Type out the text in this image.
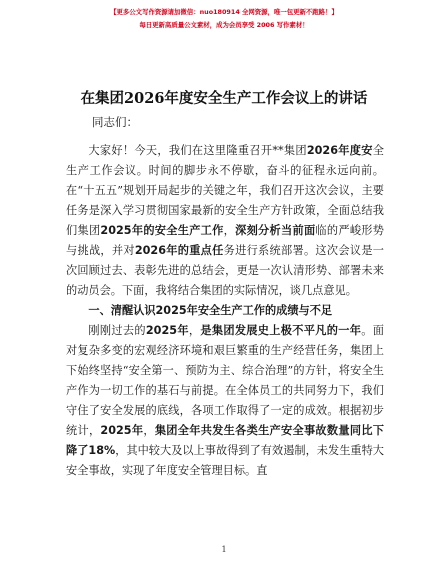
【更多公文写作资源请加微信：nuo180914 全网资源，唯一包更新不跑路！】
每日更新高质量公文素材，成为会员享受 2006 写作素材！
在集团2026年度安全生产工作会议上的讲话
同志们：

大家好！今天，我们在这里隆重召开**集团2026年度安全生产工作会议。时间的脚步永不停歇，奋斗的征程永远向前。在“十五五”规划开局起步的关键之年，我们召开这次会议，主要任务是深入学习贯彻国家最新的安全生产方针政策，全面总结我们集团2025年的安全生产工作，深刻分析当前面临的严峻形势与挑战，并对2026年的重点任务进行系统部署。这次会议是一次回顾过去、表彰先进的总结会，更是一次认清形势、部署未来的动员会。下面，我将结合集团的实际情况，谈几点意见。

一、清醒认识2025年安全生产工作的成绩与不足

刚刚过去的2025年，是集团发展史上极不平凡的一年。面对复杂多变的宏观经济环境和艰巨繁重的生产经营任务，集团上下始终坚持“安全第一、预防为主、综合治理”的方针，将安全生产作为一切工作的基石与前提。在全体员工的共同努力下，我们守住了安全发展的底线，各项工作取得了一定的成效。根据初步统计，2025年，集团全年共发生各类生产安全事故数量同比下降了18%，其中较大及以上事故得到了有效遏制，未发生重特大安全事故，实现了年度安全管理目标。直

1
